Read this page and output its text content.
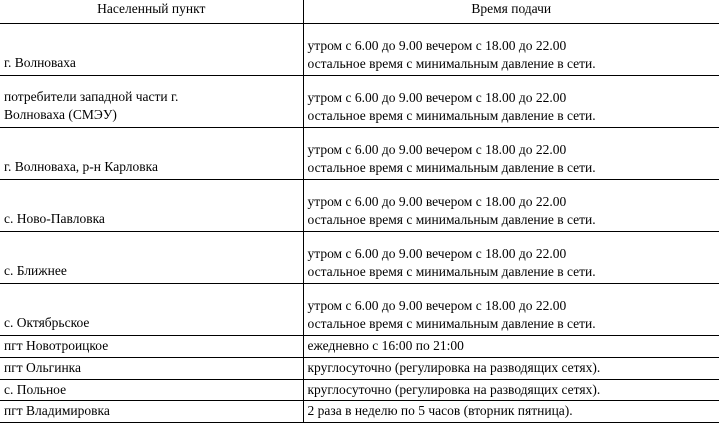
Населенный пункт	Время подачи
г. Волноваха	утром с 6.00 до 9.00 вечером с 18.00 до 22.00
остальное время с минимальным давление в сети.

потребители западной части г.
Волноваха (СМЭУ)	утром с 6.00 до 9.00 вечером с 18.00 до 22.00
остальное время с минимальным давление в сети.

г. Волноваха, р-н Карловка	утром с 6.00 до 9.00 вечером с 18.00 до 22.00
остальное время с минимальным давление в сети.

с. Ново-Павловка	утром с 6.00 до 9.00 вечером с 18.00 до 22.00
остальное время с минимальным давление в сети.

с. Ближнее	утром с 6.00 до 9.00 вечером с 18.00 до 22.00
остальное время с минимальным давление в сети.

с. Октябрьское	утром с 6.00 до 9.00 вечером с 18.00 до 22.00
остальное время с минимальным давление в сети.

пгт Новотроицкое	ежедневно с 16:00 по 21:00
пгт Ольгинка	круглосуточно (регулировка на разводящих сетях).
с. Польное	круглосуточно (регулировка на разводящих сетях).
пгт Владимировка	2 раза в неделю по 5 часов (вторник пятница).
